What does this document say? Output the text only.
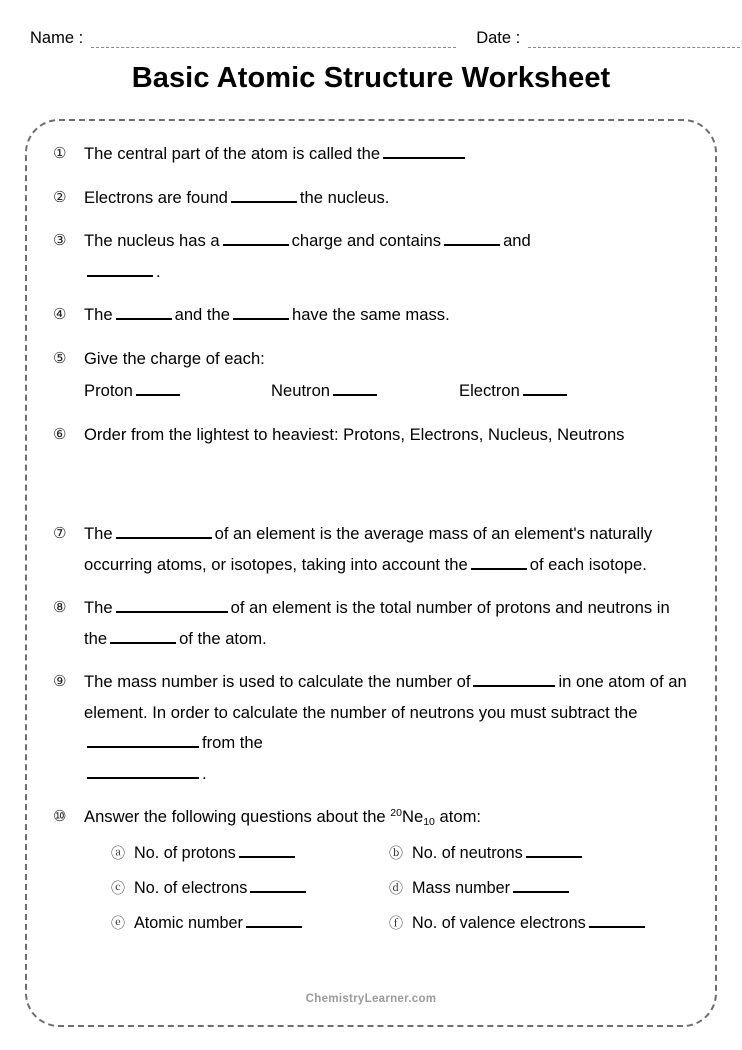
Name :	Date :
Basic Atomic Structure Worksheet
①	The central part of the atom is called the
②	Electrons are found	the nucleus.
③	The nucleus has a	charge and contains	and
.
④	The	and the	have the same mass.
⑤	Give the charge of each:
Proton	Neutron	Electron
⑥	Order from the lightest to heaviest: Protons, Electrons, Nucleus, Neutrons
⑦	The	of an element is the average mass of an element's naturally occurring atoms, or isotopes, taking into account the	of each isotope.
⑧	The	of an element is the total number of protons and neutrons in the	of the atom.
⑨	The mass number is used to calculate the number of	in one atom of an element. In order to calculate the number of neutrons you must subtract thefrom the
.
⑩	Answer the following questions about the $^{20}Ne_{10}$ atom:
ⓐ No. of protons	ⓑ No. of neutrons
ⓒ No. of electrons	ⓓ Mass number
ⓔ Atomic number	ⓕ No. of valence electrons
ChemistryLearner.com
